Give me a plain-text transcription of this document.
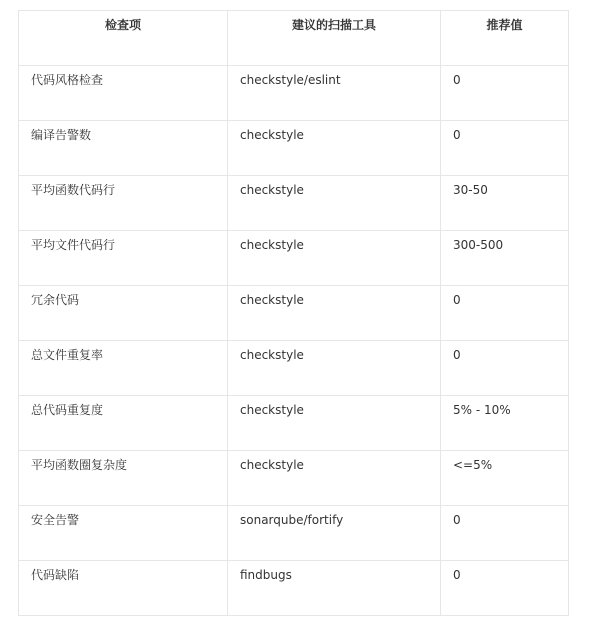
检查项	建议的扫描工具	推荐值
代码风格检查	checkstyle/eslint	0
编译告警数	checkstyle	0
平均函数代码行	checkstyle	30-50
平均文件代码行	checkstyle	300-500
冗余代码	checkstyle	0
总文件重复率	checkstyle	0
总代码重复度	checkstyle	5% - 10%
平均函数圈复杂度	checkstyle	<=5%
安全告警	sonarqube/fortify	0
代码缺陷	findbugs	0
